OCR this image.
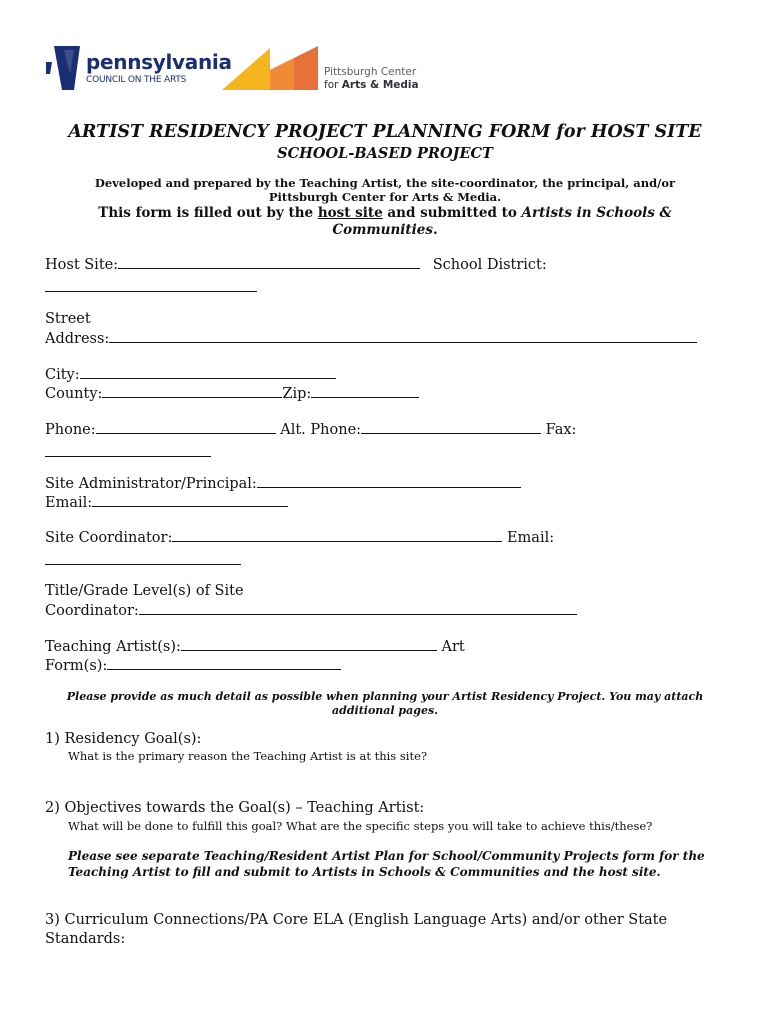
pennsylvania
COUNCIL ON THE ARTS
Pittsburgh Center
for Arts & Media
ARTIST RESIDENCY PROJECT PLANNING FORM for HOST SITE
SCHOOL-BASED PROJECT
Developed and prepared by the Teaching Artist, the site-coordinator, the principal, and/or Pittsburgh Center for Arts & Media.
This form is filled out by the host site and submitted to Artists in Schools & Communities.
Host Site:	School District:
Street
Address:
City:
County:	Zip:
Phone:	Alt. Phone:	Fax:
Site Administrator/Principal:
Email:
Site Coordinator:	Email:
Title/Grade Level(s) of Site
Coordinator:
Teaching Artist(s):	Art
Form(s):
Please provide as much detail as possible when planning your Artist Residency Project. You may attach additional pages.
1) Residency Goal(s):
What is the primary reason the Teaching Artist is at this site?
2) Objectives towards the Goal(s) – Teaching Artist:
What will be done to fulfill this goal? What are the specific steps you will take to achieve this/these?
Please see separate Teaching/Resident Artist Plan for School/Community Projects form for the Teaching Artist to fill and submit to Artists in Schools & Communities and the host site.
3) Curriculum Connections/PA Core ELA (English Language Arts) and/or other State Standards:
